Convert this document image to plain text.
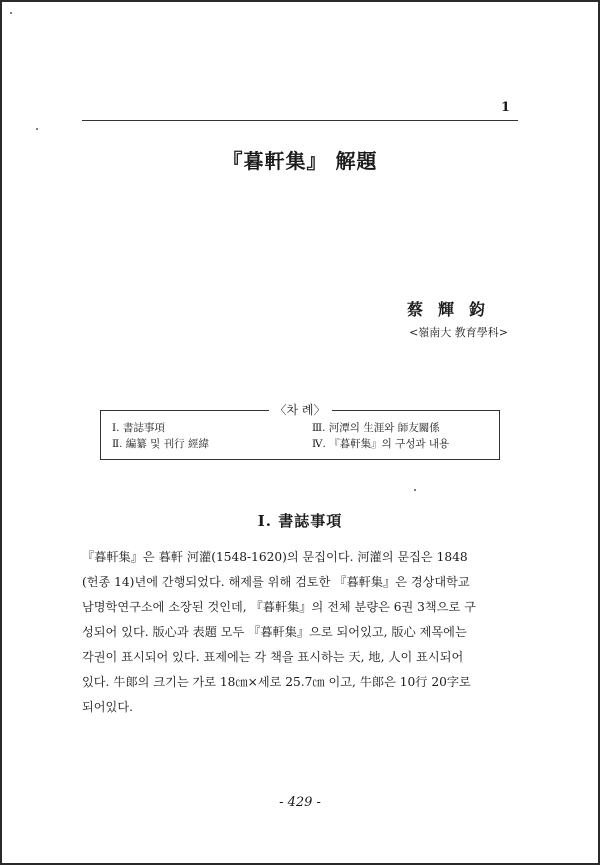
1
『暮軒集』 解題
蔡輝鈞
<嶺南大 教育學科>
〈차 례〉
Ⅰ. 書誌事項	Ⅲ. 河潭의 生涯와 師友關係
Ⅱ. 編纂 및 刊行 經緯	Ⅳ. 『暮軒集』의 구성과 내용
Ⅰ. 書誌事項
『暮軒集』은 暮軒 河灌(1548-1620)의 문집이다. 河灌의 문집은 1848
(헌종 14)년에 간행되었다. 해제를 위해 검토한 『暮軒集』은 경상대학교
남명학연구소에 소장된 것인데, 『暮軒集』의 전체 분량은 6권 3책으로 구
성되어 있다. 版心과 表題 모두 『暮軒集』으로 되어있고, 版心 제목에는
각권이 표시되어 있다. 표제에는 각 책을 표시하는 天, 地, 人이 표시되어
있다. 牛郞의 크기는 가로 18㎝×세로 25.7㎝ 이고, 牛郞은 10行 20字로
되어있다.
- 429 -
